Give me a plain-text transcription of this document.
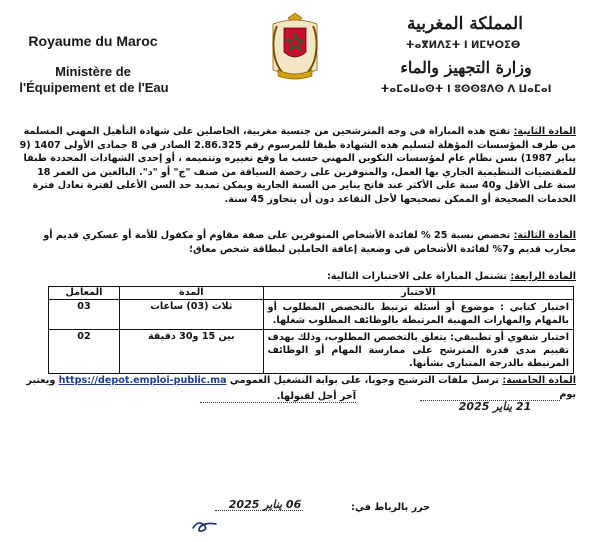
Royaume du Maroc
Ministère de
l'Équipement et de l'Eau
المملكة المغربية
ⵜⴰⴳⵍⴷⵉⵜ ⵏ ⵍⵎⵖⵔⵉⴱ
وزارة التجهيز والماء
ⵜⴰⵎⴰⵡⴰⵙⵜ ⵏ ⵓⵙⵙⵓⴷⵙ ⴷ ⵡⴰⵎⴰⵏ
المادة الثانية: تفتح هذه المباراة في وجه المترشحين من جنسية مغربية، الحاصلين على شهادة التأهيل المهني المسلمة من طرف المؤسسات المؤهلة لتسليم هذه الشهادة طبقا للمرسوم رقم 2.86.325 الصادر في 8 جمادى الأولى 1407 (9 يناير 1987) بسن نظام عام لمؤسسات التكوين المهني حسب ما وقع تغييره وتتميمه ، أو إحدى الشهادات المحددة طبقا للمقتضيات التنظيمية الجاري بها العمل، والمتوفرين على رخصة السياقة من صنف "ج" أو "د". البالغين من العمر 18 سنة على الأقل و40 سنة على الأكثر عند فاتح يناير من السنة الجارية ويمكن تمديد حد السن الأعلى لفترة تعادل فترة الخدمات الصحيحة أو الممكن تصحيحها لأجل التقاعد دون أن يتجاوز 45 سنة.
المادة الثالثة: تخصص نسبة 25 % لفائدة الأشخاص المتوفرين على صفة مقاوم أو مكفول للأمة أو عسكري قديم أو محارب قديم و7% لفائدة الأشخاص في وضعية إعاقة الحاملين لبطاقة شخص معاق؛
المادة الرابعة: تشتمل المباراة على الاختبارات التالية:
الاختبار	المدة	المعامل
اختبار كتابي : موضوع أو أسئلة ترتبط بالتخصص المطلوب أو بالمهام والمهارات المهنية المرتبطة بالوظائف المطلوب شغلها.	ثلاث (03) ساعات	03
اختبار شفوي أو تطبيقي: يتعلق بالتخصص المطلوب، وذلك بهدف تقييم مدى قدرة المترشح على ممارسة المهام أو الوظائف المرتبطة بالدرجة المتبارى بشأنها.	بين 15 و30 دقيقة	02
المادة الخامسة: ترسل ملفات الترشيح وجوبا، على بوابة التشغيل العمومي https://depot.emploi-public.ma ويعتبر يوم
آخر أجل لقبولها.
21 يناير 2025
حرر بالرباط في:
06 يناير 2025
